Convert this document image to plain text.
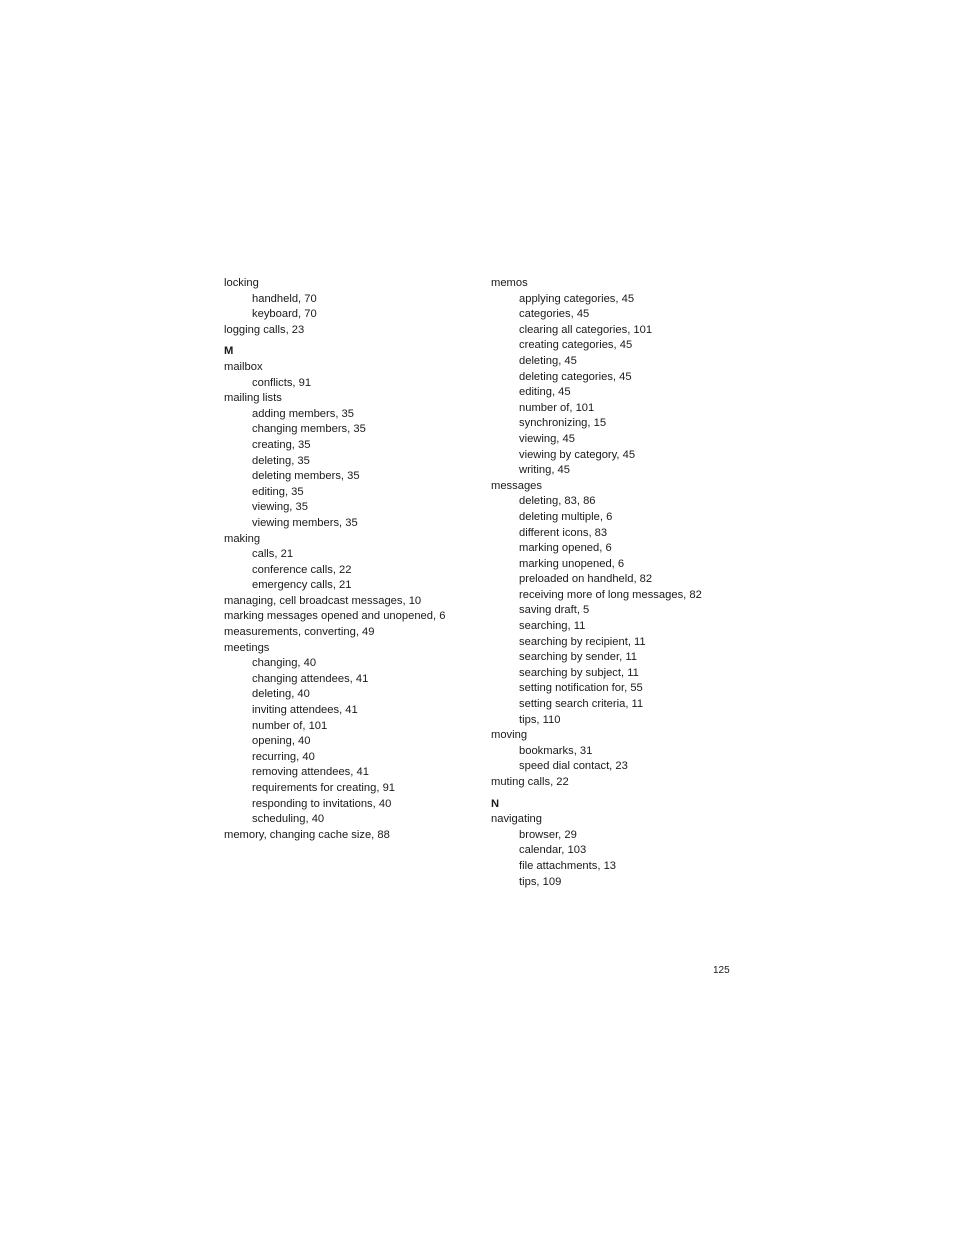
locking
handheld, 70
keyboard, 70
logging calls, 23
M
mailbox
conflicts, 91
mailing lists
adding members, 35
changing members, 35
creating, 35
deleting, 35
deleting members, 35
editing, 35
viewing, 35
viewing members, 35
making
calls, 21
conference calls, 22
emergency calls, 21
managing, cell broadcast messages, 10
marking messages opened and unopened, 6
measurements, converting, 49
meetings
changing, 40
changing attendees, 41
deleting, 40
inviting attendees, 41
number of, 101
opening, 40
recurring, 40
removing attendees, 41
requirements for creating, 91
responding to invitations, 40
scheduling, 40
memory, changing cache size, 88
memos
applying categories, 45
categories, 45
clearing all categories, 101
creating categories, 45
deleting, 45
deleting categories, 45
editing, 45
number of, 101
synchronizing, 15
viewing, 45
viewing by category, 45
writing, 45
messages
deleting, 83, 86
deleting multiple, 6
different icons, 83
marking opened, 6
marking unopened, 6
preloaded on handheld, 82
receiving more of long messages, 82
saving draft, 5
searching, 11
searching by recipient, 11
searching by sender, 11
searching by subject, 11
setting notification for, 55
setting search criteria, 11
tips, 110
moving
bookmarks, 31
speed dial contact, 23
muting calls, 22
N
navigating
browser, 29
calendar, 103
file attachments, 13
tips, 109
125
